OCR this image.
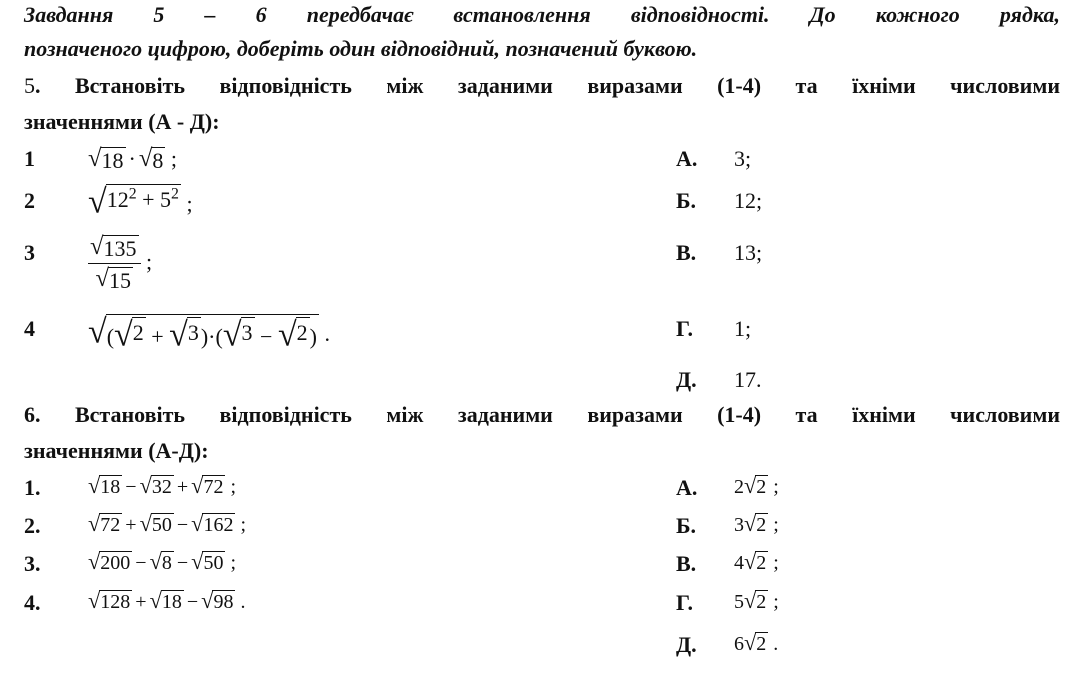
Завдання 5 – 6 передбачає встановлення відповідності. До кожного рядка,
позначеного цифрою, доберіть один відповідний, позначений буквою.
5. Встановіть відповідність між заданими виразами (1-4) та їхніми числовими
значеннями (А - Д):
1 √ 18 · √ 8 ;
2 √ $12^2 + 5^2$ ;
$3 \frac{√ 135}{√ 15}$ ;
4 √ ( √ 2 + √ 3 )·( √ 3 − √ 2 ) .
А. 3;
Б. 12;
В. 13;
Г. 1;
Д. 17.
6. Встановіть відповідність між заданими виразами (1-4) та їхніми числовими
значеннями (А-Д):
1. √ 18 − √ 32 + √ 72 ;
2. √ 72 + √ 50 − √ 162 ;
3. √ 200 − √ 8 − √ 50 ;
4. √ 128 + √ 18 − √ 98 .
А. 2 √ 2 ;
Б. 3 √ 2 ;
В. 4 √ 2 ;
Г. 5 √ 2 ;
Д. 6 √ 2 .
